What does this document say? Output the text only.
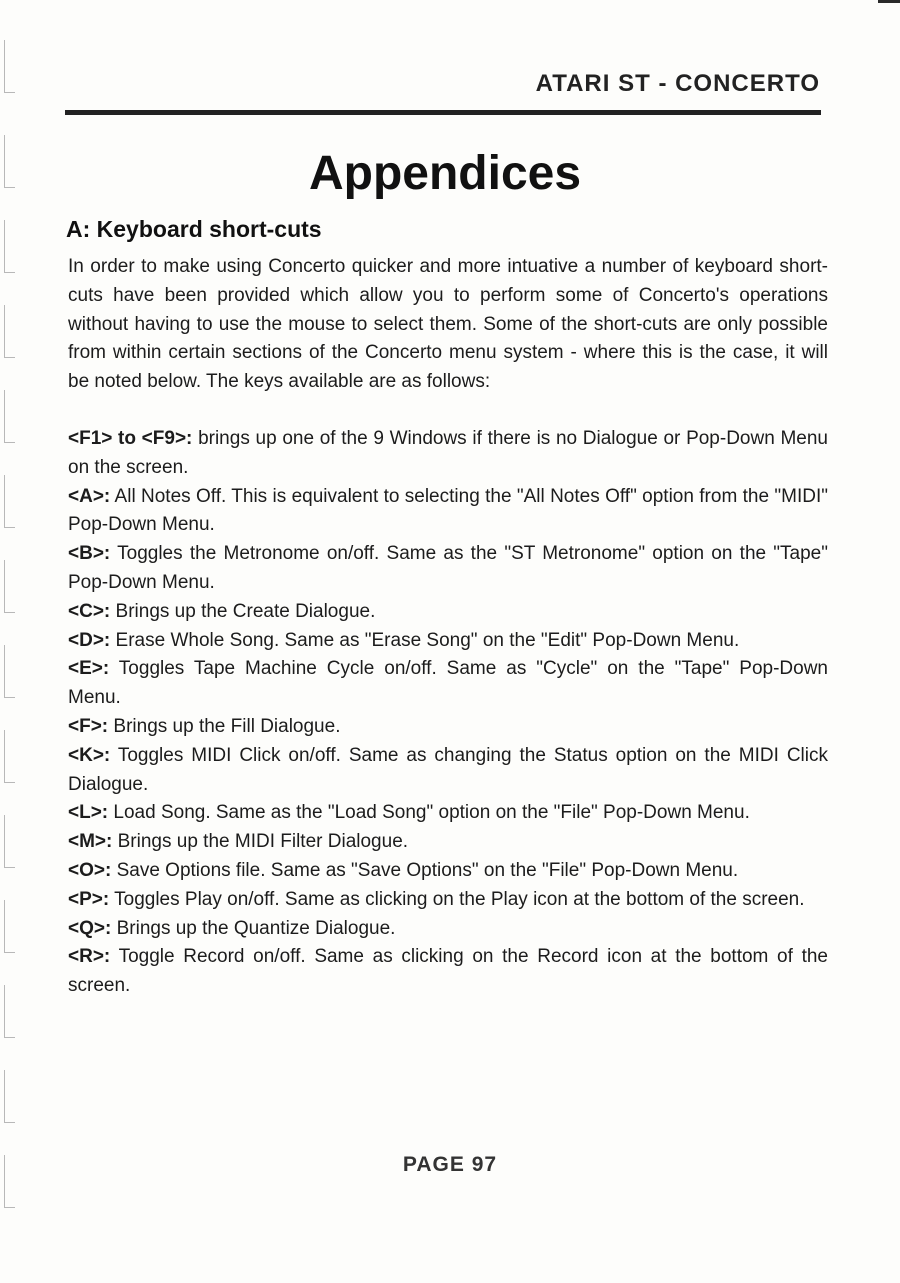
ATARI ST - CONCERTO
Appendices
A: Keyboard short-cuts

In order to make using Concerto quicker and more intuative a number of keyboard short-cuts have been provided which allow you to perform some of Concerto's operations without having to use the mouse to select them. Some of the short-cuts are only possible from within certain sections of the Concerto menu system - where this is the case, it will be noted below. The keys available are as follows:

<F1> to <F9>: brings up one of the 9 Windows if there is no Dialogue or Pop-Down Menu on the screen.

<A>: All Notes Off. This is equivalent to selecting the "All Notes Off" option from the "MIDI" Pop-Down Menu.

<B>: Toggles the Metronome on/off. Same as the "ST Metronome" option on the "Tape" Pop-Down Menu.

<C>: Brings up the Create Dialogue.

<D>: Erase Whole Song. Same as "Erase Song" on the "Edit" Pop-Down Menu.

<E>: Toggles Tape Machine Cycle on/off. Same as "Cycle" on the "Tape" Pop-Down Menu.

<F>: Brings up the Fill Dialogue.

<K>: Toggles MIDI Click on/off. Same as changing the Status option on the MIDI Click Dialogue.

<L>: Load Song. Same as the "Load Song" option on the "File" Pop-Down Menu.

<M>: Brings up the MIDI Filter Dialogue.

<O>: Save Options file. Same as "Save Options" on the "File" Pop-Down Menu.

<P>: Toggles Play on/off. Same as clicking on the Play icon at the bottom of the screen.

<Q>: Brings up the Quantize Dialogue.

<R>: Toggle Record on/off. Same as clicking on the Record icon at the bottom of the screen.

PAGE 97
